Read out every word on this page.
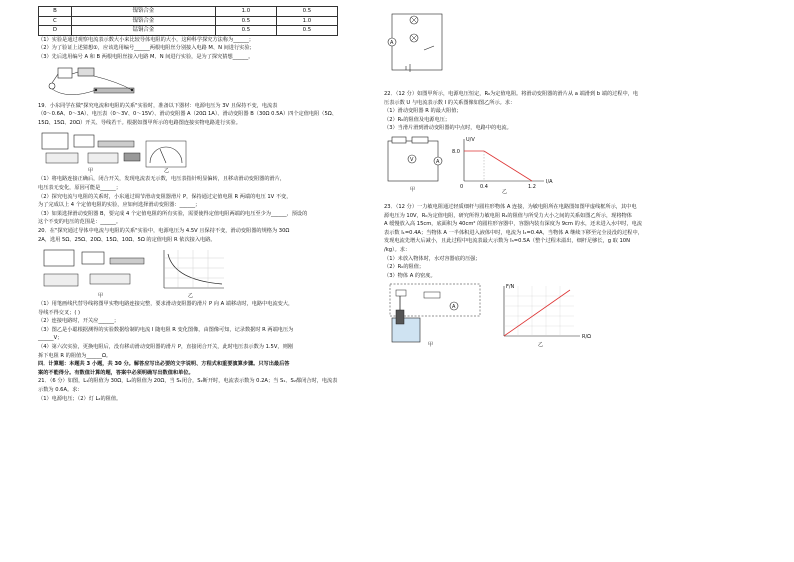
B	镍铬合金	1.0	0.5
C	镍铬合金	0.5	1.0
D	锰铜合金	0.5	0.5

（1）实验是通过观察电流表示数大小来比较导体电阻的大小，这种科学探究方法称为______；

（2）为了验证上述猜想①，应该选用编号______两根电阻丝分别接入电路 M、N 间进行实验；

（3）先后选用编号 A 和 B 两根电阻丝接入电路 M、N 间进行实验，是为了探究猜想______。

19．小东同学在做"探究电流和电阻的关系"实验时，准备以下器材：电源电压为 3V 且保持不变，电流表

（0～0.6A、0～3A）、电压表（0～3V、0～15V）、滑动变阻器 A（20Ω 1A）、滑动变阻器 B（30Ω 0.5A）四个定值电阻（5Ω、

15Ω、15Ω、20Ω）开关、导线若干。根据如图甲所示的电路图连接实物电路进行实验。

甲	乙

（1）将电路连接正确后，闭合开关，发现电流表无示数，电压表指针明显偏转，且移动滑动变阻器的滑片，

电压表无变化，原因可能是______；

（2）探究电流与电阻的关系时，小东通过调节滑动变阻器滑片 P，保持通过定值电阻 R 两端的电压 1V 不变，

为了完成以上 4 个定值电阻的实验，应如何选择滑动变阻器：______；

（3）如果选择滑动变阻器 B，要完成 4 个定值电阻的所有实验，需要使得定值电阻两端的电压至少为______，预设的

这个不变的电压的范围是：______。

20．在"探究通过导体中电流与电阻的关系"实验中，电源电压为 4.5V 且保持不变，滑动变阻器的规格为 30Ω

2A，选用 5Ω、25Ω、20Ω、15Ω、10Ω、5Ω 的定值电阻 R 依次接入电路。

甲	乙

（1）用笔画线代替导线将图甲实物电路连接完整，要求滑动变阻器的滑片 P 向 A 端移动时，电路中电流变大，

导线不得交叉；( )

（2）连接电路时，开关应______；

（3）图乙是小聪根据测得的实验数据绘制的电流 I 随电阻 R 变化图像，由图像可知，记录数据时 R 两端电压为

______V；

（4）第六次实验，更换电阻后，没有移动滑动变阻器的滑片 P，直接闭合开关，此时电压表示数为 1.5V，则刚

拆下电阻 R 的阻值为______Ω。

四．计算题：本题共 3 小题，共 30 分。解答应写出必要的文字说明、方程式和重要演算步骤。只写出最后答

案的不能得分。有数值计算的题，答案中必须明确写出数值和单位。

21．（6 分）如图，L₁的阻值为 30Ω，L₂的阻值为 20Ω，当 S₁闭合，S₂断开时，电流表示数为 0.2A；当 S₁、S₂都闭合时，电流表

示数为 0.6A。求：

（1）电源电压；（2）灯 L₂的阻值。

A

22．（12 分）如图甲所示，电源电压恒定，R₀为定值电阻。将滑动变阻器的滑片从 a 端滑到 b 端的过程中，电

压表示数 U 与电流表示数 I 的关系图像如图乙所示。求：

（1）滑动变阻器 R 的最大阻值；

（2）R₀的阻值及电源电压；

（3）当滑片滑到滑动变阻器的中点时，电路中的电流。

V	A
甲
U/V
8.0
0	0.4	1.2
I/A
乙

23．（12 分）一力敏电阻通过轻质细杆与圆柱形物体 A 连接，为敏电阻所在电路图如图甲虚线框所示，其中电

源电压为 10V，R₀为定值电阻，研究所得力敏电阻 R₁的阻值与所受力大小之间的关系如图乙所示，现将物体

A 缓慢放入高 15cm，底面积为 40cm² 的圆柱形容器中，容器内装有深度为 9cm 的水，还未进入水中时，电流

表示数 I₁=0.4A；当物体 A 一半体积进入液体中时，电流为 I₂=0.4A，当物体 A 继续下移至完全浸没的过程中，

发现电流先增大后减小，且此过程中电流表最大示数为 I₃=0.5A（整个过程未溢出，细杆足够长，g 取 10N

/kg）。求：

（1）未放入物体时，水对容器底的压强；

（2）R₀的阻值；

（3）物体 A 的密度。

A
甲
F/N
R/Ω
乙
